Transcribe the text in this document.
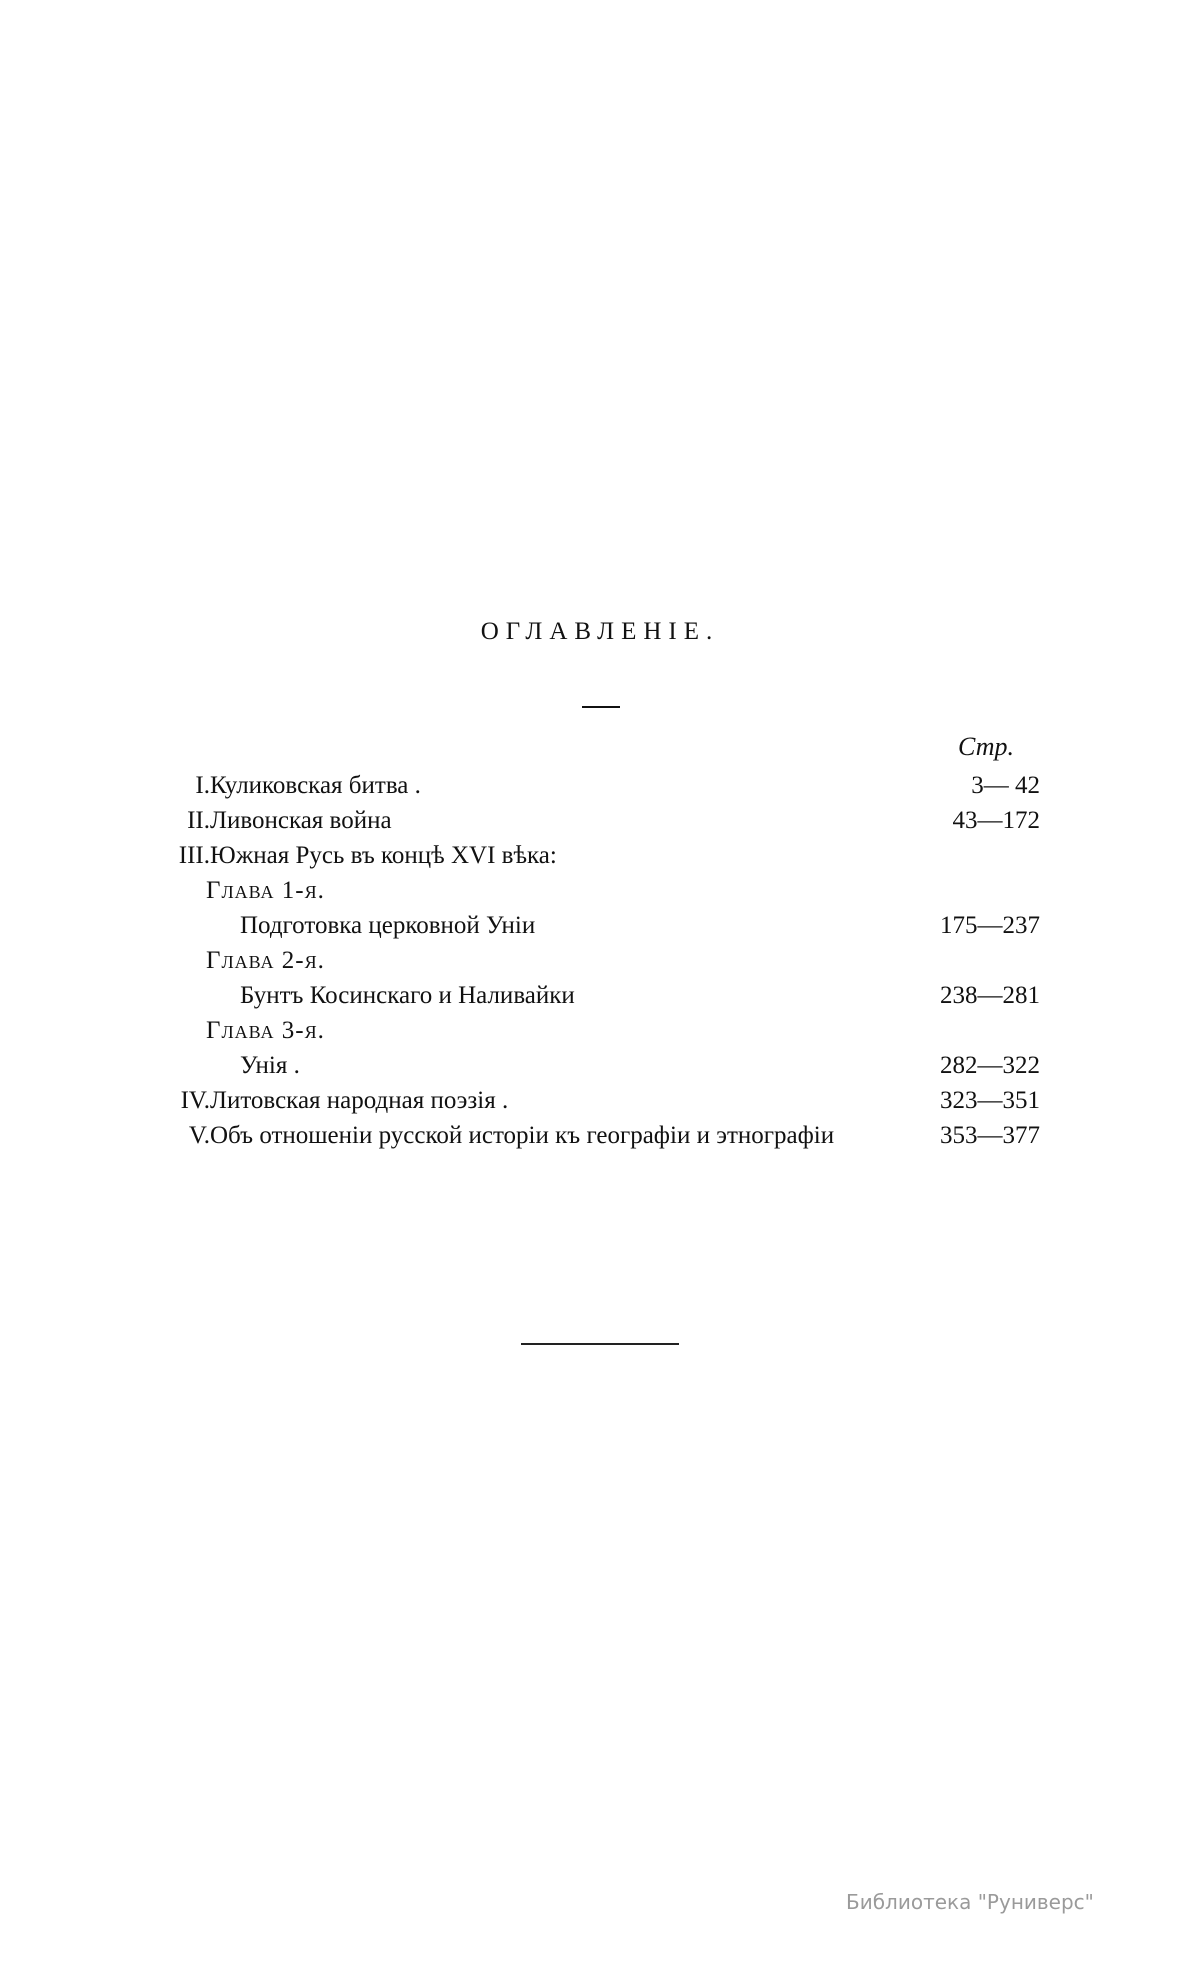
ОГЛАВЛЕНІЕ.
Стр.
I. Куликовская битва .	3— 42
II. Ливонская война	43—172
III. Южная Русь въ концѣ XVI вѣка:
Глава 1-я.
Подготовка церковной Уніи	175—237
Глава 2-я.
Бунтъ Косинскаго и Наливайки	238—281
Глава 3-я.
Унія .	282—322
IV. Литовская народная поэзія .	323—351
V. Объ отношеніи русской исторіи къ географіи и этнографіи	353—377
Библиотека "Руниверс"
